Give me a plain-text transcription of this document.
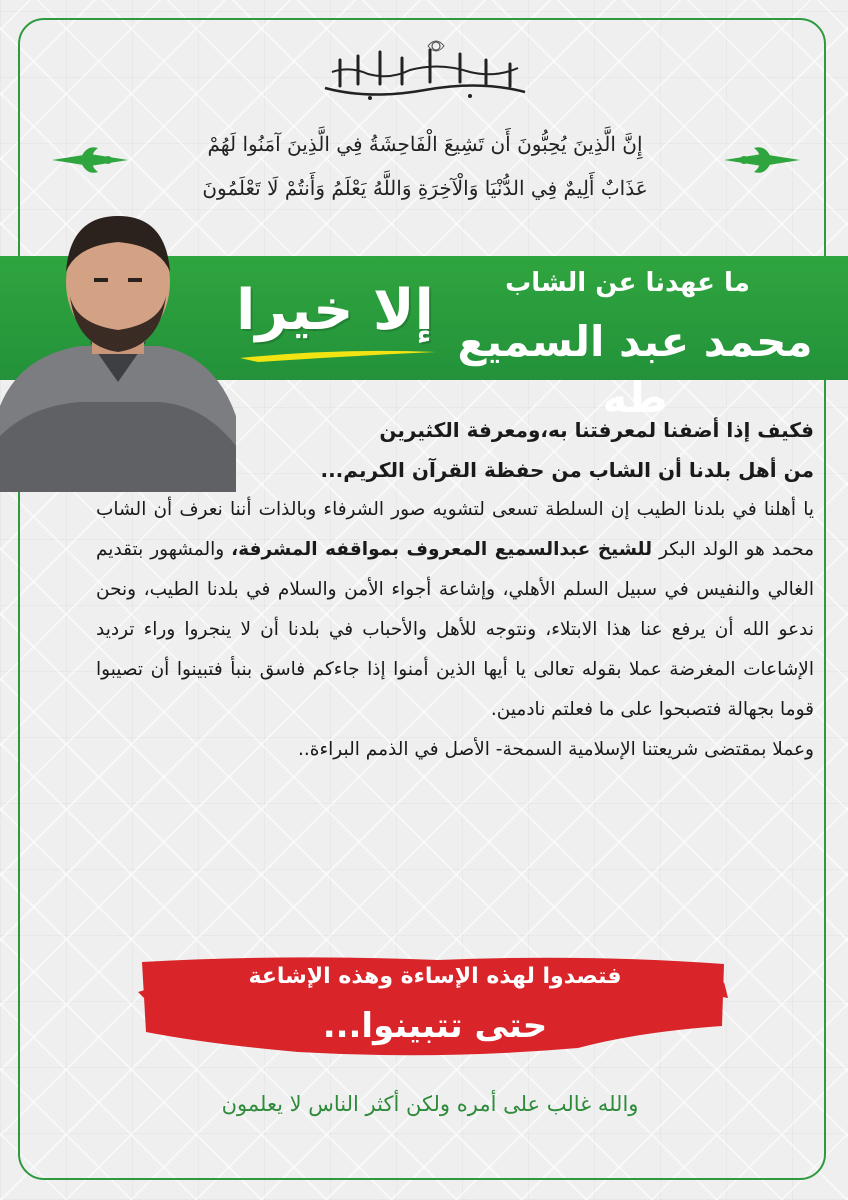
إِنَّ الَّذِينَ يُحِبُّونَ أَن تَشِيعَ الْفَاحِشَةُ فِي الَّذِينَ آمَنُوا لَهُمْ
عَذَابٌ أَلِيمٌ فِي الدُّنْيَا وَالْآخِرَةِ وَاللَّهُ يَعْلَمُ وَأَنتُمْ لَا تَعْلَمُونَ
ما عهدنا عن الشاب
محمد عبد السميع طه
إلا خيرا

فكيف إذا أضفنا لمعرفتنا به،ومعرفة الكثيرين

من أهل بلدنا أن الشاب من حفظة القرآن الكريم...

يا أهلنا في بلدنا الطيب إن السلطة تسعى لتشويه صور الشرفاء وبالذات أننا نعرف أن الشاب محمد هو الولد البكر للشيخ عبدالسميع المعروف بمواقفه المشرفة، والمشهور بتقديم الغالي والنفيس في سبيل السلم الأهلي، وإشاعة أجواء الأمن والسلام في بلدنا الطيب، ونحن ندعو الله أن يرفع عنا هذا الابتلاء، ونتوجه للأهل والأحباب في بلدنا أن لا ينجروا وراء ترديد الإشاعات المغرضة عملا بقوله تعالى يا أيها الذين أمنوا إذا جاءكم فاسق بنبأ فتبينوا أن تصيبوا قوما بجهالة فتصبحوا على ما فعلتم نادمين.

وعملا بمقتضى شريعتنا الإسلامية السمحة- الأصل في الذمم البراءة..

فتصدوا لهذه الإساءة وهذه الإشاعة
حتى تتبينوا...
والله غالب على أمره ولكن أكثر الناس لا يعلمون
